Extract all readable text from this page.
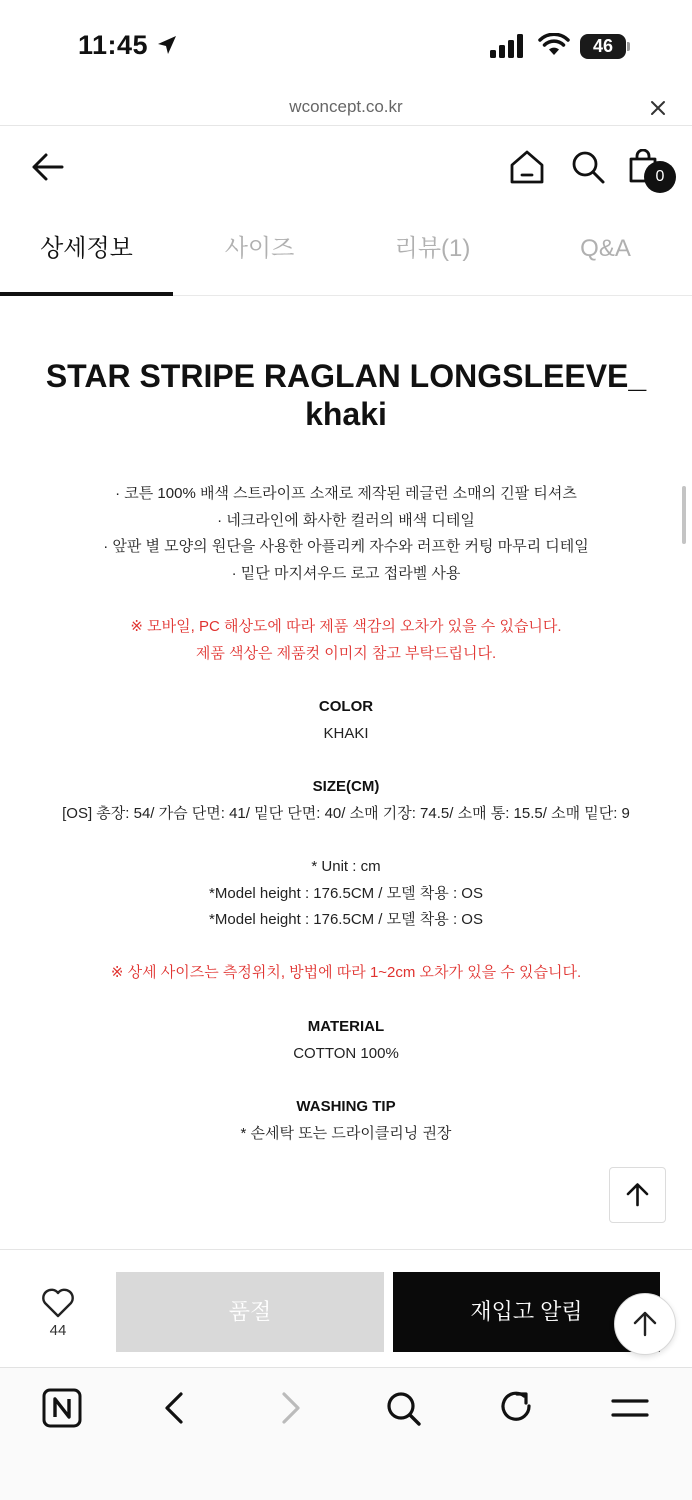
11:45	46
wconcept.co.kr
0
상세정보	사이즈	리뷰(1)	Q&A
STAR STRIPE RAGLAN LONGSLEEVE_
khaki
· 코튼 100% 배색 스트라이프 소재로 제작된 레글런 소매의 긴팔 티셔츠
· 네크라인에 화사한 컬러의 배색 디테일
· 앞판 별 모양의 원단을 사용한 아플리케 자수와 러프한 커팅 마무리 디테일
· 밑단 마지셔우드 로고 접라벨 사용
※ 모바일, PC 해상도에 따라 제품 색감의 오차가 있을 수 있습니다.
제품 색상은 제품컷 이미지 참고 부탁드립니다.
COLOR
KHAKI
SIZE(CM)
[OS] 총장: 54/ 가슴 단면: 41/ 밑단 단면: 40/ 소매 기장: 74.5/ 소매 통: 15.5/ 소매 밑단: 9
* Unit : cm
*Model height : 176.5CM / 모델 착용 : OS
*Model height : 176.5CM / 모델 착용 : OS
※ 상세 사이즈는 측정위치, 방법에 따라 1~2cm 오차가 있을 수 있습니다.
MATERIAL
COTTON 100%
WASHING TIP
* 손세탁 또는 드라이클리닝 권장
44
품절	재입고 알림
